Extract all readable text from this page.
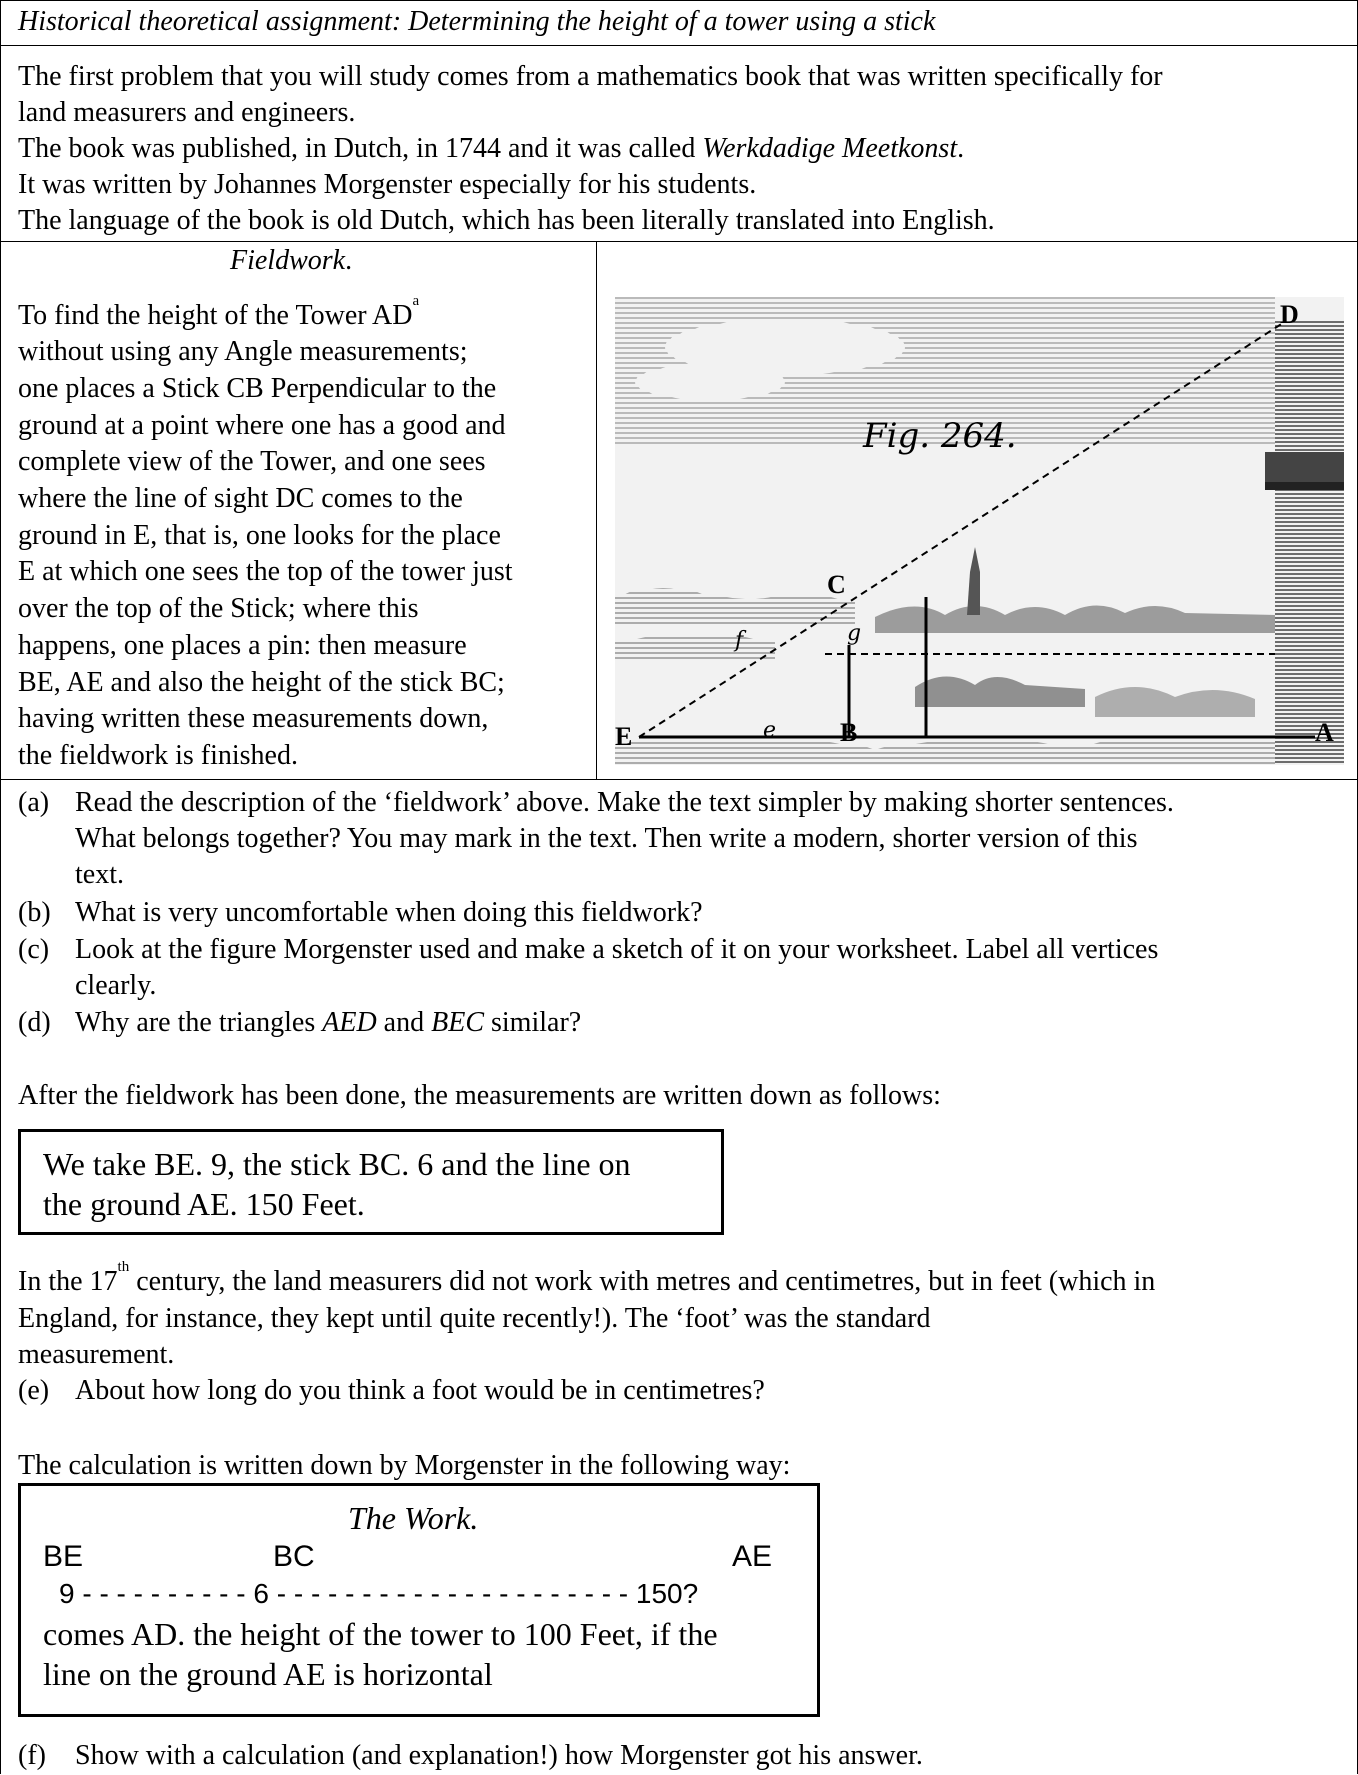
Historical theoretical assignment: Determining the height of a tower using a stick

The first problem that you will study comes from a mathematics book that was written specifically for

land measurers and engineers.

The book was published, in Dutch, in 1744 and it was called Werkdadige Meetkonst.

It was written by Johannes Morgenster especially for his students.

The language of the book is old Dutch, which has been literally translated into English.

Fieldwork.

To find the height of the Tower $AD^a$

without using any Angle measurements;

one places a Stick CB Perpendicular to the

ground at a point where one has a good and

complete view of the Tower, and one sees

where the line of sight DC comes to the

ground in E, that is, one looks for the place

E at which one sees the top of the tower just

over the top of the Stick; where this

happens, one places a pin: then measure

BE, AE and also the height of the stick BC;

having written these measurements down,

the fieldwork is finished.

Fig. 264.
D
C
E	B	A
f
e
g
(a) Read the description of the ‘fieldwork’ above. Make the text simpler by making shorter sentences.
What belongs together? You may mark in the text. Then write a modern, shorter version of this
text.
(b) What is very uncomfortable when doing this fieldwork?
(c) Look at the figure Morgenster used and make a sketch of it on your worksheet. Label all vertices
clearly.
(d) Why are the triangles AED and BEC similar?

After the fieldwork has been done, the measurements are written down as follows:

We take BE. 9, the stick BC. 6 and the line on
the ground AE. 150 Feet.

In the 17th century, the land measurers did not work with metres and centimetres, but in feet (which in

England, for instance, they kept until quite recently!). The ‘foot’ was the standard

measurement.

(e) About how long do you think a foot would be in centimetres?

The calculation is written down by Morgenster in the following way:

The Work.
BE	BC	AE
9 - - - - - - - - - - 6 - - - - - - - - - - - - - - - - - - - - - 150?
comes AD. the height of the tower to 100 Feet, if the
line on the ground AE is horizontal
(f)	Show with a calculation (and explanation!) how Morgenster got his answer.
